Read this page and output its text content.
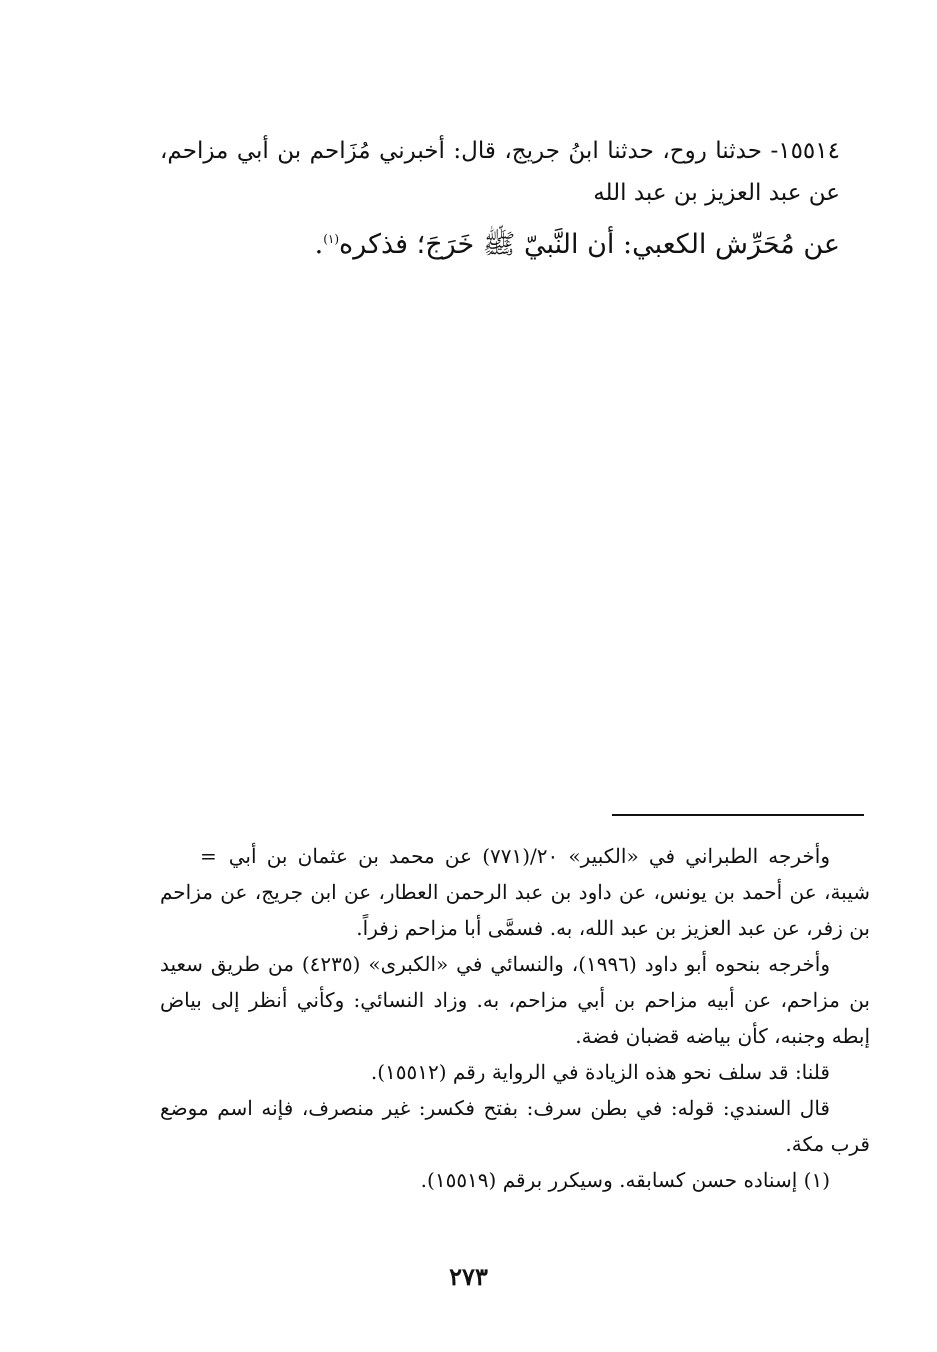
١٥٥١٤- حدثنا روح، حدثنا ابنُ جريج، قال: أخبرني مُزَاحم بن أبي مزاحم، عن عبد العزيز بن عبد الله

عن مُحَرِّش الكعبي: أن النَّبيّ ﷺ خَرَجَ؛ فذكره$^{(١)}$.

= وأخرجه الطبراني في «الكبير» ٢٠/(٧٧١) عن محمد بن عثمان بن أبي شيبة، عن أحمد بن يونس، عن داود بن عبد الرحمن العطار، عن ابن جريج، عن مزاحم بن زفر، عن عبد العزيز بن عبد الله، به. فسمَّى أبا مزاحم زفراً.

وأخرجه بنحوه أبو داود (١٩٩٦)، والنسائي في «الكبرى» (٤٢٣٥) من طريق سعيد بن مزاحم، عن أبيه مزاحم بن أبي مزاحم، به. وزاد النسائي: وكأني أنظر إلى بياض إبطه وجنبه، كأن بياضه قضبان فضة.

قلنا: قد سلف نحو هذه الزيادة في الرواية رقم (١٥٥١٢).

قال السندي: قوله: في بطن سرف: بفتح فكسر: غير منصرف، فإنه اسم موضع قرب مكة.

(١) إسناده حسن كسابقه. وسيكرر برقم (١٥٥١٩).

٢٧٣
